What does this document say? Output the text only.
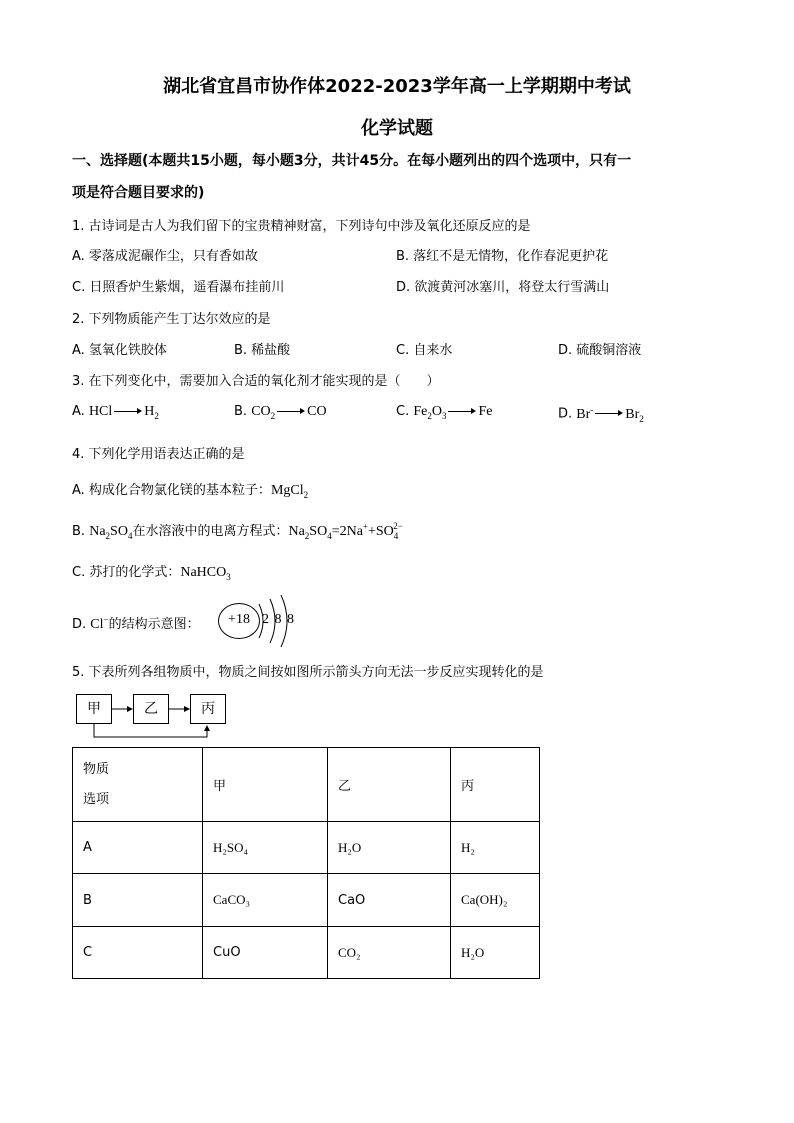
湖北省宜昌市协作体2022-2023学年高一上学期期中考试
化学试题
一、选择题(本题共15小题，每小题3分，共计45分。在每小题列出的四个选项中，只有一
项是符合题目要求的)
1. 古诗词是古人为我们留下的宝贵精神财富，下列诗句中涉及氧化还原反应的是
A. 零落成泥碾作尘，只有香如故	B. 落红不是无情物，化作春泥更护花
C. 日照香炉生紫烟，遥看瀑布挂前川	D. 欲渡黄河冰塞川，将登太行雪满山
2. 下列物质能产生丁达尔效应的是
A. 氢氧化铁胶体	B. 稀盐酸	C. 自来水	D. 硫酸铜溶液
3. 在下列变化中，需要加入合适的氧化剂才能实现的是（　　）
A. HCl $H_2$	B. $CO_2$ CO	C. $Fe_2O_3$ Fe	D. Br- $Br_2$
4. 下列化学用语表达正确的是
A. 构成化合物氯化镁的基本粒子：MgCl$_2$
B. $Na_2SO_4$在水溶液中的电离方程式：$Na_2SO_4=2Na^++SO_4^{2-}$
C. 苏打的化学式：NaHCO$_3$
D. Cl−的结构示意图：	+18 2 8 8
5. 下表所列各组物质中，物质之间按如图所示箭头方向无法一步反应实现转化的是
甲	乙	丙
物质
选项	甲	乙	丙
A	H₂SO₄	H₂O	H₂
B	CaCO₃	CaO	Ca(OH)₂
C	CuO	CO₂	H₂O
